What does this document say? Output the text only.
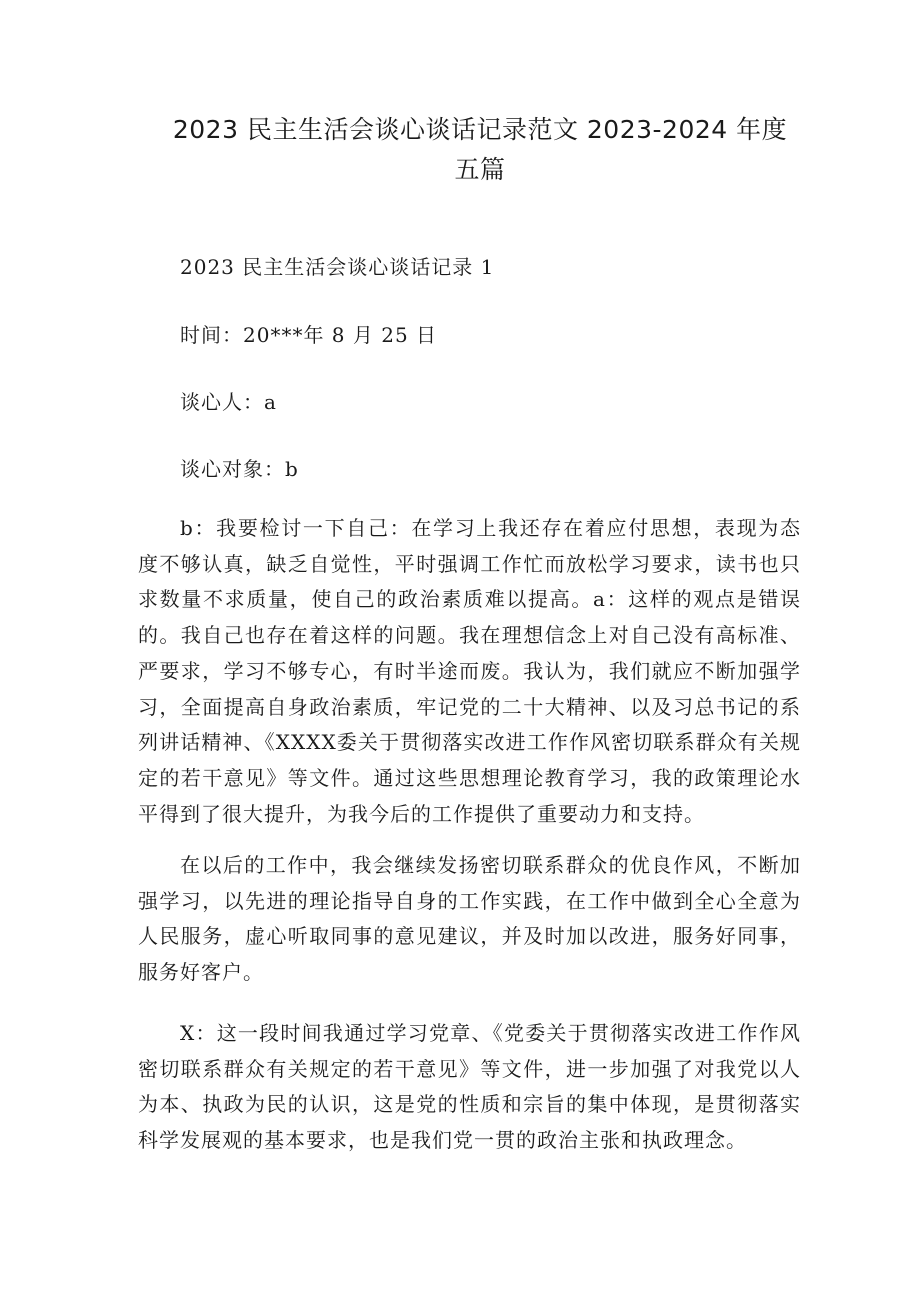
2023 民主生活会谈心谈话记录范文 2023-2024 年度五篇
2023 民主生活会谈心谈话记录 1
时间：20***年 8 月 25 日
谈心人：a
谈心对象：b
b：我要检讨一下自己：在学习上我还存在着应付思想，表现为态度不够认真，缺乏自觉性，平时强调工作忙而放松学习要求，读书也只求数量不求质量，使自己的政治素质难以提高。a：这样的观点是错误的。我自己也存在着这样的问题。我在理想信念上对自己没有高标准、严要求，学习不够专心，有时半途而废。我认为，我们就应不断加强学习，全面提高自身政治素质，牢记党的二十大精神、以及习总书记的系列讲话精神、《XXXX委关于贯彻落实改进工作作风密切联系群众有关规定的若干意见》等文件。通过这些思想理论教育学习，我的政策理论水平得到了很大提升，为我今后的工作提供了重要动力和支持。
在以后的工作中，我会继续发扬密切联系群众的优良作风，不断加强学习，以先进的理论指导自身的工作实践，在工作中做到全心全意为人民服务，虚心听取同事的意见建议，并及时加以改进，服务好同事，服务好客户。
X：这一段时间我通过学习党章、《党委关于贯彻落实改进工作作风密切联系群众有关规定的若干意见》等文件，进一步加强了对我党以人为本、执政为民的认识，这是党的性质和宗旨的集中体现，是贯彻落实科学发展观的基本要求，也是我们党一贯的政治主张和执政理念。
